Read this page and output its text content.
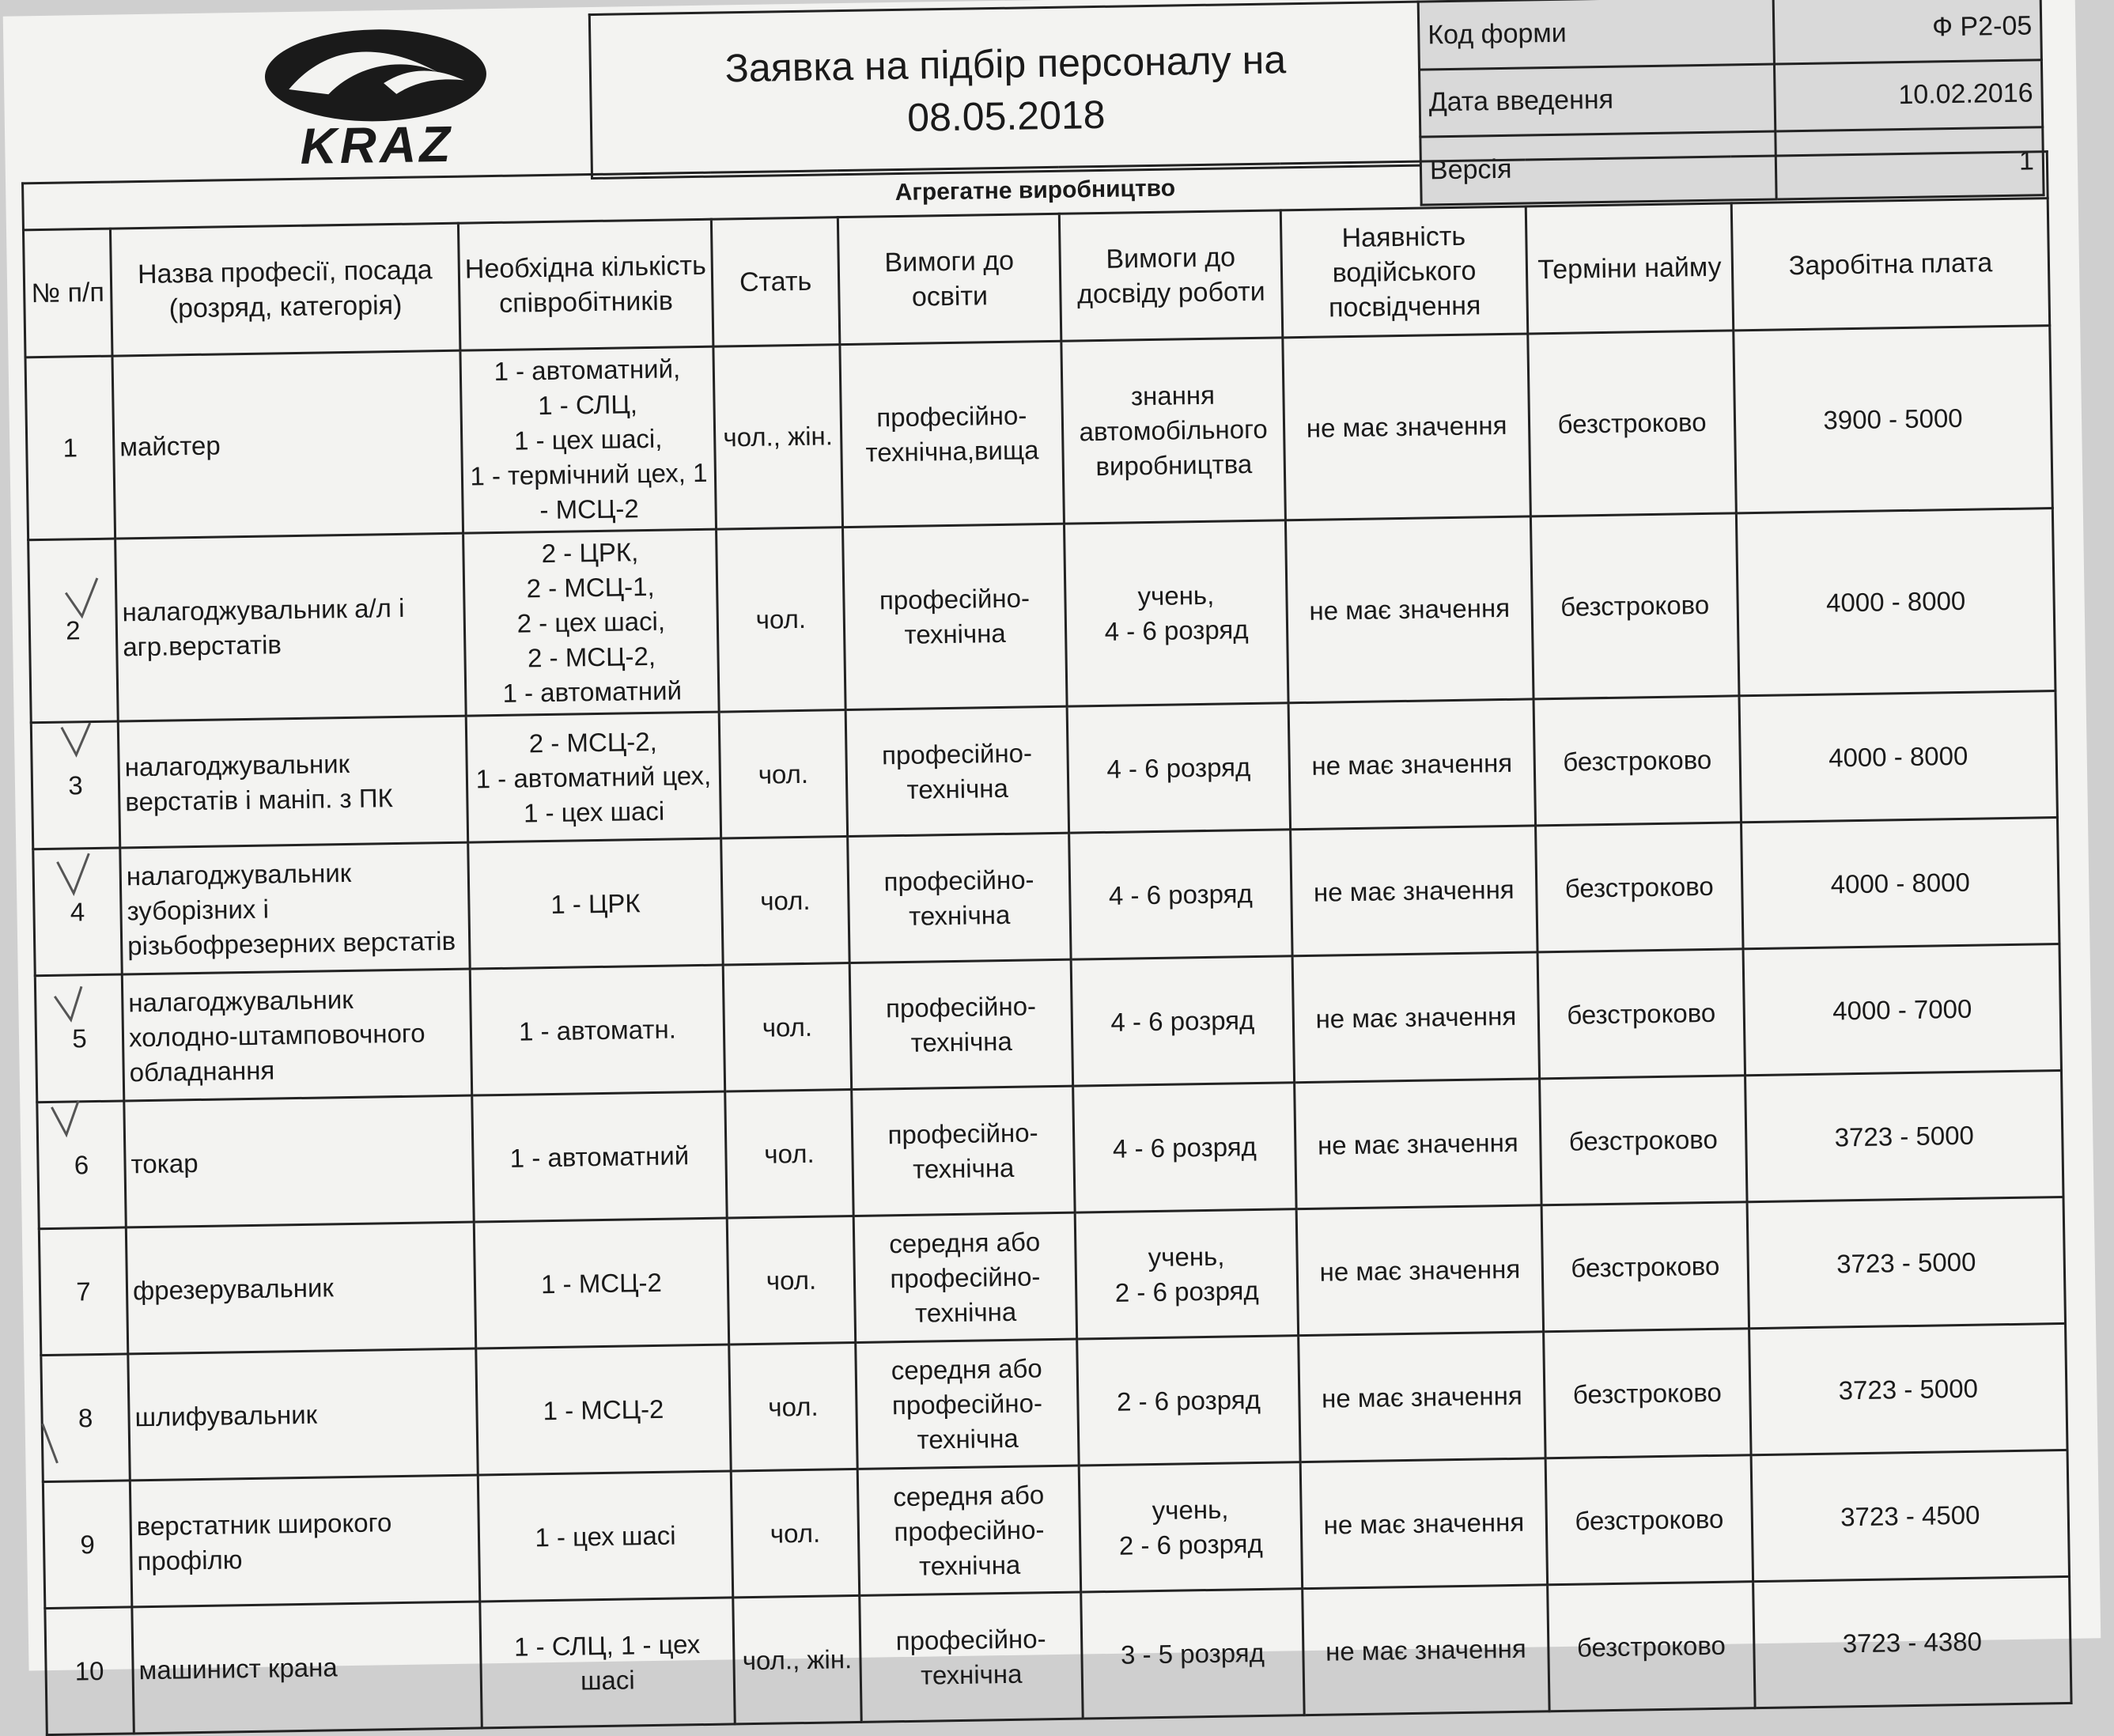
KRAZ
Заявка на підбір персоналу на 08.05.2018
Код форми	Ф Р2-05
Дата введення	10.02.2016
Версія	1
Агрегатне виробництво								
№ п/п	Назва професії, посада (розряд, категорія)	Необхідна кількість співробітників	Стать	Вимоги до освіти	Вимоги до досвіду роботи	Наявність водійського посвідчення	Терміни найму	Заробітна плата
1	майстер	1 - автоматний,
1 - СЛЦ,
1 - цех шасі,
1 - термічний цех, 1 - МСЦ-2	чол., жін.	професійно-технічна,вища	знання автомобільного виробництва	не має значення	безстроково	3900 - 5000
2	налагоджувальник а/л і агр.верстатів	2 - ЦРК,
2 - МСЦ-1,
2 - цех шасі,
2 - МСЦ-2,
1 - автоматний	чол.	професійно-технічна	учень,
4 - 6 розряд	не має значення	безстроково	4000 - 8000
3	налагоджувальник верстатів і маніп. з ПК	2 - МСЦ-2,
1 - автоматний цех,
1 - цех шасі	чол.	професійно-технічна	4 - 6 розряд	не має значення	безстроково	4000 - 8000
4	налагоджувальник зуборізних і різьбофрезерних верстатів	1 - ЦРК	чол.	професійно-технічна	4 - 6 розряд	не має значення	безстроково	4000 - 8000
5	налагоджувальник холодно-штамповочного обладнання	1 - автоматн.	чол.	професійно-технічна	4 - 6 розряд	не має значення	безстроково	4000 - 7000
6	токар	1 - автоматний	чол.	професійно-технічна	4 - 6 розряд	не має значення	безстроково	3723 - 5000
7	фрезерувальник	1 - МСЦ-2	чол.	середня або професійно-технічна	учень,
2 - 6 розряд	не має значення	безстроково	3723 - 5000
8	шлифувальник	1 - МСЦ-2	чол.	середня або професійно-технічна	2 - 6 розряд	не має значення	безстроково	3723 - 5000
9	верстатник широкого профілю	1 - цех шасі	чол.	середня або професійно-технічна	учень,
2 - 6 розряд	не має значення	безстроково	3723 - 4500
10	машинист крана	1 - СЛЦ, 1 - цех шасі	чол., жін.	професійно-технічна	3 - 5 розряд	не має значення	безстроково	3723 - 4380
